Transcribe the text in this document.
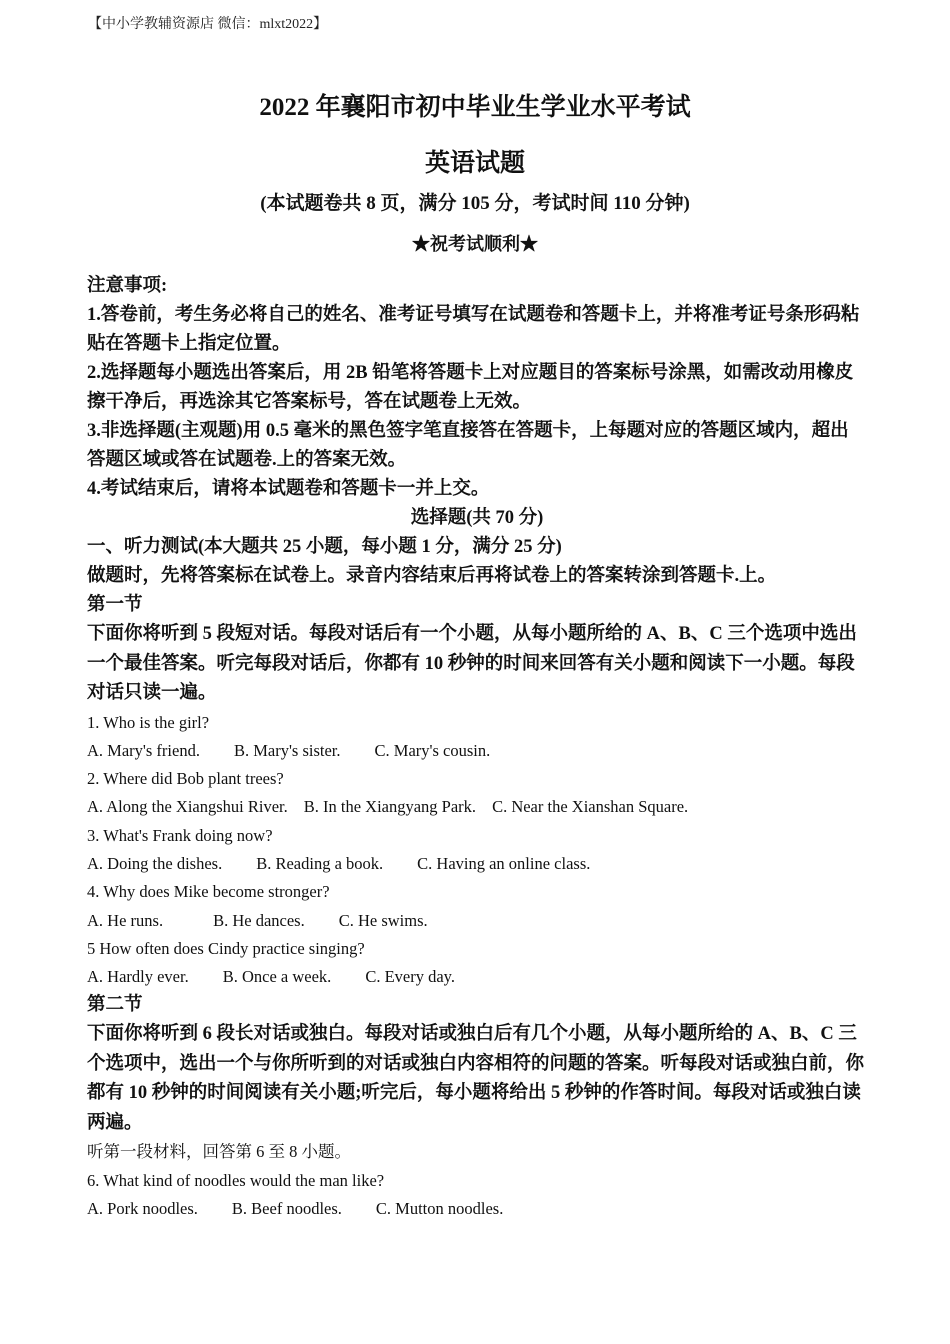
【中小学教辅资源店 微信：mlxt2022】
2022 年襄阳市初中毕业生学业水平考试
英语试题
(本试题卷共 8 页，满分 105 分，考试时间 110 分钟)
★祝考试顺利★
注意事项:
1.答卷前，考生务必将自己的姓名、准考证号填写在试题卷和答题卡上，并将准考证号条形码粘贴在答题卡上指定位置。
2.选择题每小题选出答案后，用 2B 铅笔将答题卡上对应题目的答案标号涂黑，如需改动用橡皮擦干净后，再选涂其它答案标号，答在试题卷上无效。
3.非选择题(主观题)用 0.5 毫米的黑色签字笔直接答在答题卡，上每题对应的答题区域内，超出答题区域或答在试题卷.上的答案无效。
4.考试结束后，请将本试题卷和答题卡一并上交。
选择题(共 70 分)
一、听力测试(本大题共 25 小题，每小题 1 分，满分 25 分)
做题时，先将答案标在试卷上。录音内容结束后再将试卷上的答案转涂到答题卡.上。
第一节
下面你将听到 5 段短对话。每段对话后有一个小题，从每小题所给的 A、B、C 三个选项中选出一个最佳答案。听完每段对话后，你都有 10 秒钟的时间来回答有关小题和阅读下一小题。每段对话只读一遍。
1. Who is the girl?
A. Mary's friend. B. Mary's sister. C. Mary's cousin.
2. Where did Bob plant trees?
A. Along the Xiangshui River. B. In the Xiangyang Park. C. Near the Xianshan Square.
3. What's Frank doing now?
A. Doing the dishes. B. Reading a book. C. Having an online class.
4. Why does Mike become stronger?
A. He runs.	B. He dances. C. He swims.
5 How often does Cindy practice singing?
A. Hardly ever. B. Once a week. C. Every day.
第二节
下面你将听到 6 段长对话或独白。每段对话或独白后有几个小题，从每小题所给的 A、B、C 三个选项中，选出一个与你所听到的对话或独白内容相符的问题的答案。听每段对话或独白前，你都有 10 秒钟的时间阅读有关小题;听完后，每小题将给出 5 秒钟的作答时间。每段对话或独白读两遍。
听第一段材料，回答第 6 至 8 小题。
6. What kind of noodles would the man like?
A. Pork noodles. B. Beef noodles. C. Mutton noodles.
